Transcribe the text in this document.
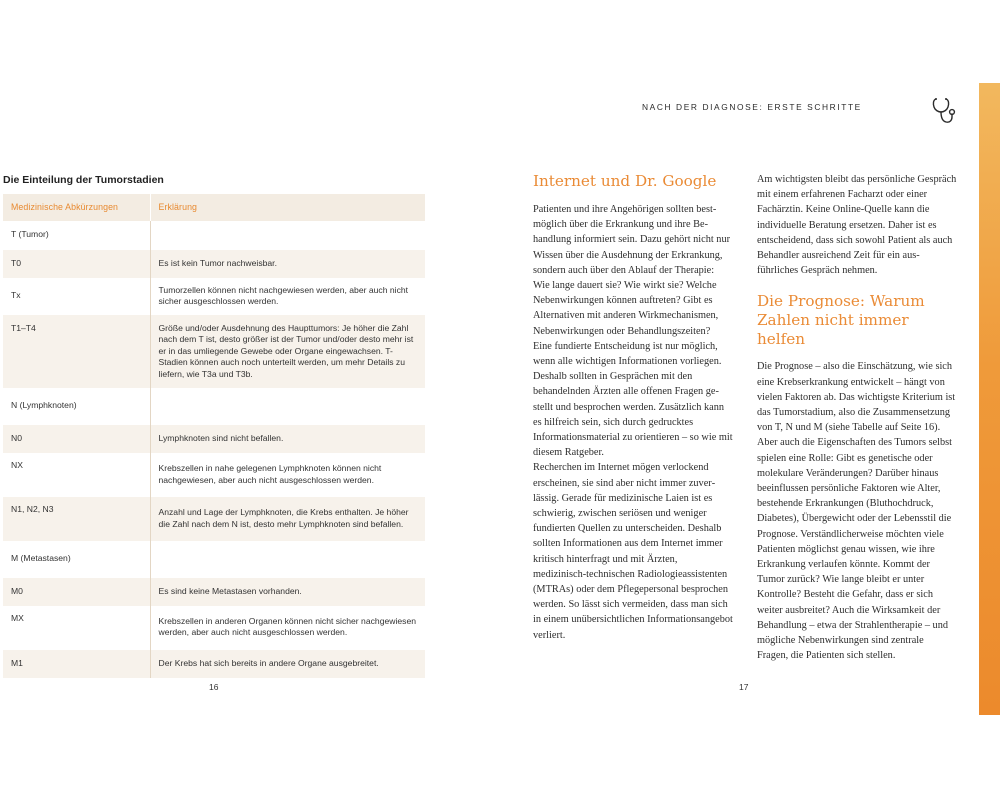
Die Einteilung der Tumorstadien
Medizinische Abkürzungen	Erklärung
T (Tumor)	
T0	Es ist kein Tumor nachweisbar.
Tx	Tumorzellen können nicht nachgewiesen werden, aber auch nicht sicher ausgeschlossen werden.
T1–T4	Größe und/oder Ausdehnung des Haupttumors: Je höher die Zahl nach dem T ist, desto größer ist der Tumor und/oder desto mehr ist er in das umliegende Gewebe oder Organe eingewachsen. T-Stadien können auch noch unterteilt werden, um mehr Details zu liefern, wie T3a und T3b.
N (Lymphknoten)	
N0	Lymphknoten sind nicht befallen.
NX	Krebszellen in nahe gelegenen Lymphknoten können nicht nachgewiesen, aber auch nicht ausgeschlossen werden.
N1, N2, N3	Anzahl und Lage der Lymphknoten, die Krebs enthalten. Je höher die Zahl nach dem N ist, desto mehr Lymphknoten sind befallen.
M (Metastasen)	
M0	Es sind keine Metastasen vorhanden.
MX	Krebszellen in anderen Organen können nicht sicher nachgewiesen werden, aber auch nicht ausgeschlossen werden.
M1	Der Krebs hat sich bereits in andere Organe ausgebreitet.
16
NACH DER DIAGNOSE: ERSTE SCHRITTE
Internet und Dr. Google

Patienten und ihre Angehörigen sollten bestmöglich über die Erkrankung und ihre Behandlung informiert sein. Dazu gehört nicht nur Wissen über die Ausdehnung der Erkrankung, sondern auch über den Ablauf der Therapie: Wie lange dauert sie? Wie wirkt sie? Welche Nebenwirkungen können auftreten? Gibt es Alternativen mit anderen Wirkmechanismen, Nebenwirkungen oder Behandlungszeiten?

Eine fundierte Entscheidung ist nur möglich, wenn alle wichtigen Informationen vorliegen. Deshalb sollten in Gesprächen mit den behandelnden Ärzten alle offenen Fragen gestellt und besprochen werden. Zusätzlich kann es hilfreich sein, sich durch gedrucktes Informationsmaterial zu orientieren – so wie mit diesem Ratgeber.

Recherchen im Internet mögen verlockend erscheinen, sie sind aber nicht immer zuverlässig. Gerade für medizinische Laien ist es schwierig, zwischen seriösen und weniger fundierten Quellen zu unterscheiden. Deshalb sollten Informationen aus dem Internet immer kritisch hinterfragt und mit Ärzten, medizinisch-technischen Radiologieassistenten (MTRAs) oder dem Pflegepersonal besprochen werden. So lässt sich vermeiden, dass man sich in einem unübersichtlichen Informationsangebot verliert.

Am wichtigsten bleibt das persönliche Gespräch mit einem erfahrenen Facharzt oder einer Fachärztin. Keine Online-Quelle kann die individuelle Beratung ersetzen. Daher ist es entscheidend, dass sich sowohl Patient als auch Behandler ausreichend Zeit für ein ausführliches Gespräch nehmen.

Die Prognose: Warum Zahlen nicht immer helfen

Die Prognose – also die Einschätzung, wie sich eine Krebserkrankung entwickelt – hängt von vielen Faktoren ab. Das wichtigste Kriterium ist das Tumorstadium, also die Zusammensetzung von T, N und M (siehe Tabelle auf Seite 16). Aber auch die Eigenschaften des Tumors selbst spielen eine Rolle: Gibt es genetische oder molekulare Veränderungen? Darüber hinaus beeinflussen persönliche Faktoren wie Alter, bestehende Erkrankungen (Bluthochdruck, Diabetes), Übergewicht oder der Lebensstil die Prognose. Verständlicherweise möchten viele Patienten möglichst genau wissen, wie ihre Erkrankung verlaufen könnte. Kommt der Tumor zurück? Wie lange bleibt er unter Kontrolle? Besteht die Gefahr, dass er sich weiter ausbreitet? Auch die Wirksamkeit der Behandlung – etwa der Strahlentherapie – und mögliche Nebenwirkungen sind zentrale Fragen, die Patienten sich stellen.

17
